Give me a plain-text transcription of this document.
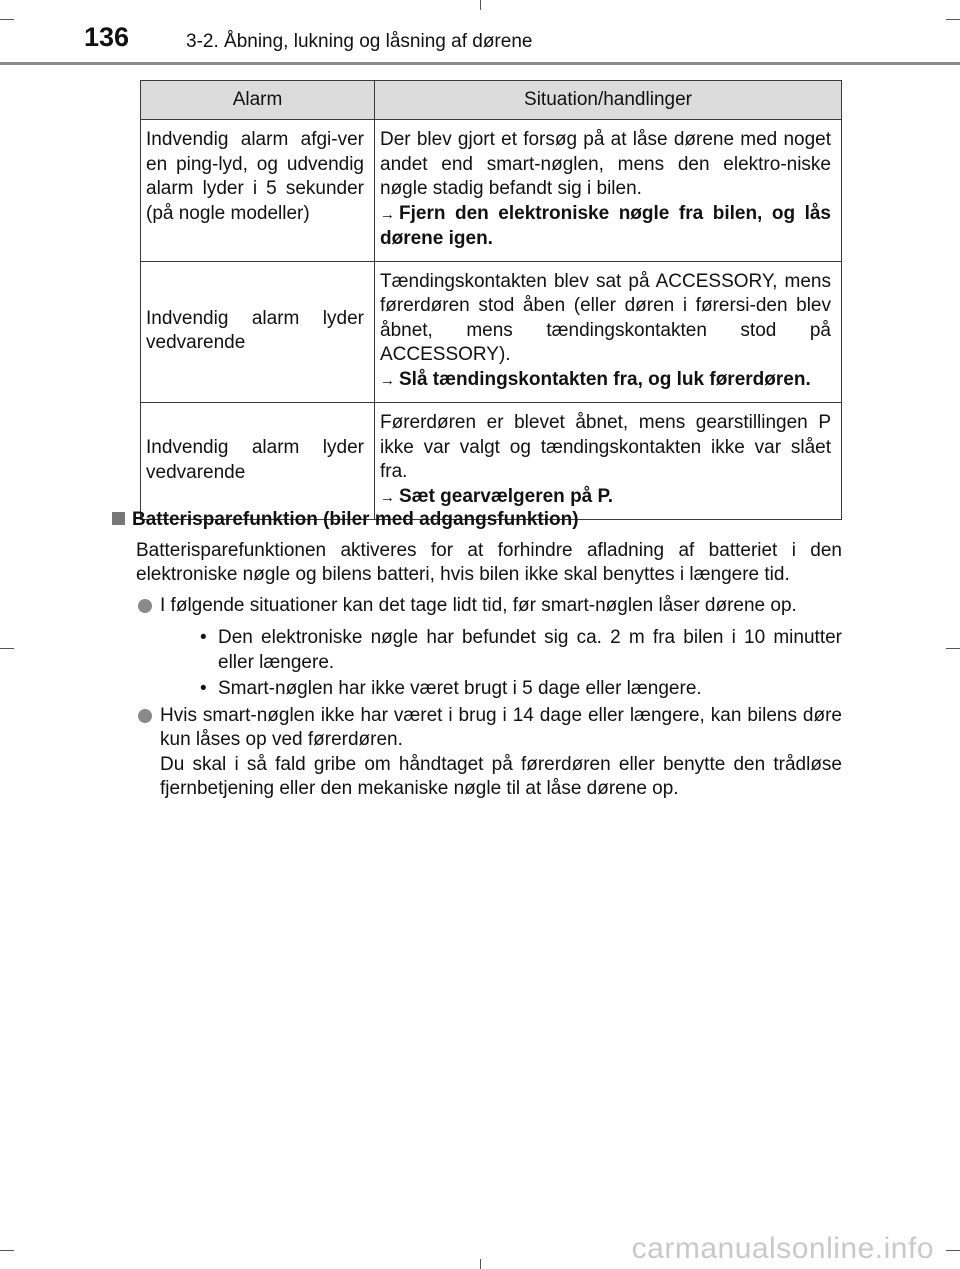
136	3-2. Åbning, lukning og låsning af dørene
Alarm	Situation/handlinger
Indvendig alarm afgi-ver en ping-lyd, og udvendig alarm lyder i 5 sekunder (på nogle modeller)	Der blev gjort et forsøg på at låse dørene med noget andet end smart-nøglen, mens den elektro-niske nøgle stadig befandt sig i bilen.
→ Fjern den elektroniske nøgle fra bilen, og lås dørene igen.

Indvendig alarm lyder vedvarende	Tændingskontakten blev sat på ACCESSORY, mens førerdøren stod åben (eller døren i førersi-den blev åbnet, mens tændingskontakten stod på ACCESSORY).
→ Slå tændingskontakten fra, og luk førerdøren.

Indvendig alarm lyder vedvarende	Førerdøren er blevet åbnet, mens gearstillingen P ikke var valgt og tændingskontakten ikke var slået fra.
→ Sæt gearvælgeren på P.

Batterisparefunktion (biler med adgangsfunktion)

Batterisparefunktionen aktiveres for at forhindre afladning af batteriet i den elektroniske nøgle og bilens batteri, hvis bilen ikke skal benyttes i længere tid.
I følgende situationer kan det tage lidt tid, før smart-nøglen låser dørene op.
• Den elektroniske nøgle har befundet sig ca. 2 m fra bilen i 10 minutter eller længere.
• Smart-nøglen har ikke været brugt i 5 dage eller længere.
Hvis smart-nøglen ikke har været i brug i 14 dage eller længere, kan bilens døre kun låses op ved førerdøren.
Du skal i så fald gribe om håndtaget på førerdøren eller benytte den trådløse fjernbetjening eller den mekaniske nøgle til at låse dørene op.
carmanualsonline.info
